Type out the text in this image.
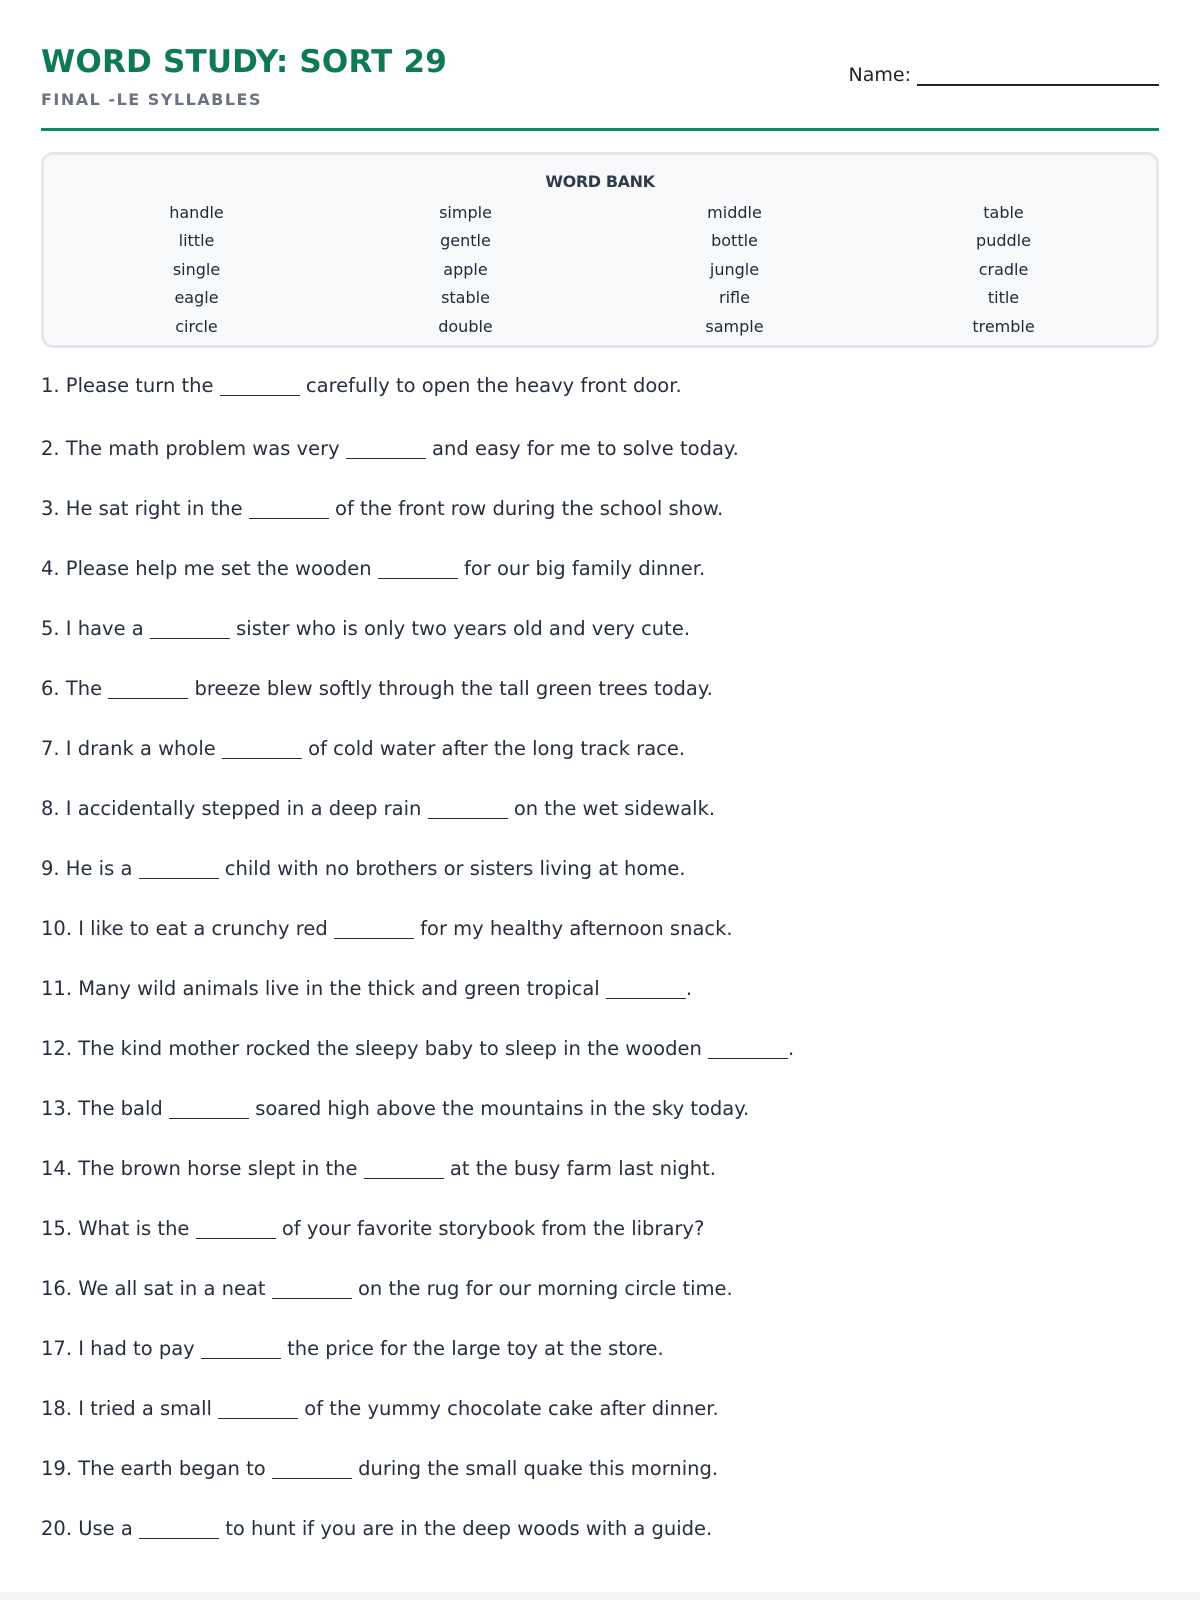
WORD STUDY: SORT 29
FINAL -LE SYLLABLES
Name:
WORD BANK
handle	simple	middle	table
little	gentle	bottle	puddle
single	apple	jungle	cradle
eagle	stable	rifle	title
circle	double	sample	tremble
1. Please turn the	carefully to open the heavy front door.
2. The math problem was very	and easy for me to solve today.
3. He sat right in the	of the front row during the school show.
4. Please help me set the wooden	for our big family dinner.
5. I have a	sister who is only two years old and very cute.
6. The	breeze blew softly through the tall green trees today.
7. I drank a whole	of cold water after the long track race.
8. I accidentally stepped in a deep rain	on the wet sidewalk.
9. He is a	child with no brothers or sisters living at home.
10. I like to eat a crunchy red	for my healthy afternoon snack.
11. Many wild animals live in the thick and green tropical	.
12. The kind mother rocked the sleepy baby to sleep in the wooden	.
13. The bald	soared high above the mountains in the sky today.
14. The brown horse slept in the	at the busy farm last night.
15. What is the	of your favorite storybook from the library?
16. We all sat in a neat	on the rug for our morning circle time.
17. I had to pay	the price for the large toy at the store.
18. I tried a small	of the yummy chocolate cake after dinner.
19. The earth began to	during the small quake this morning.
20. Use a	to hunt if you are in the deep woods with a guide.
